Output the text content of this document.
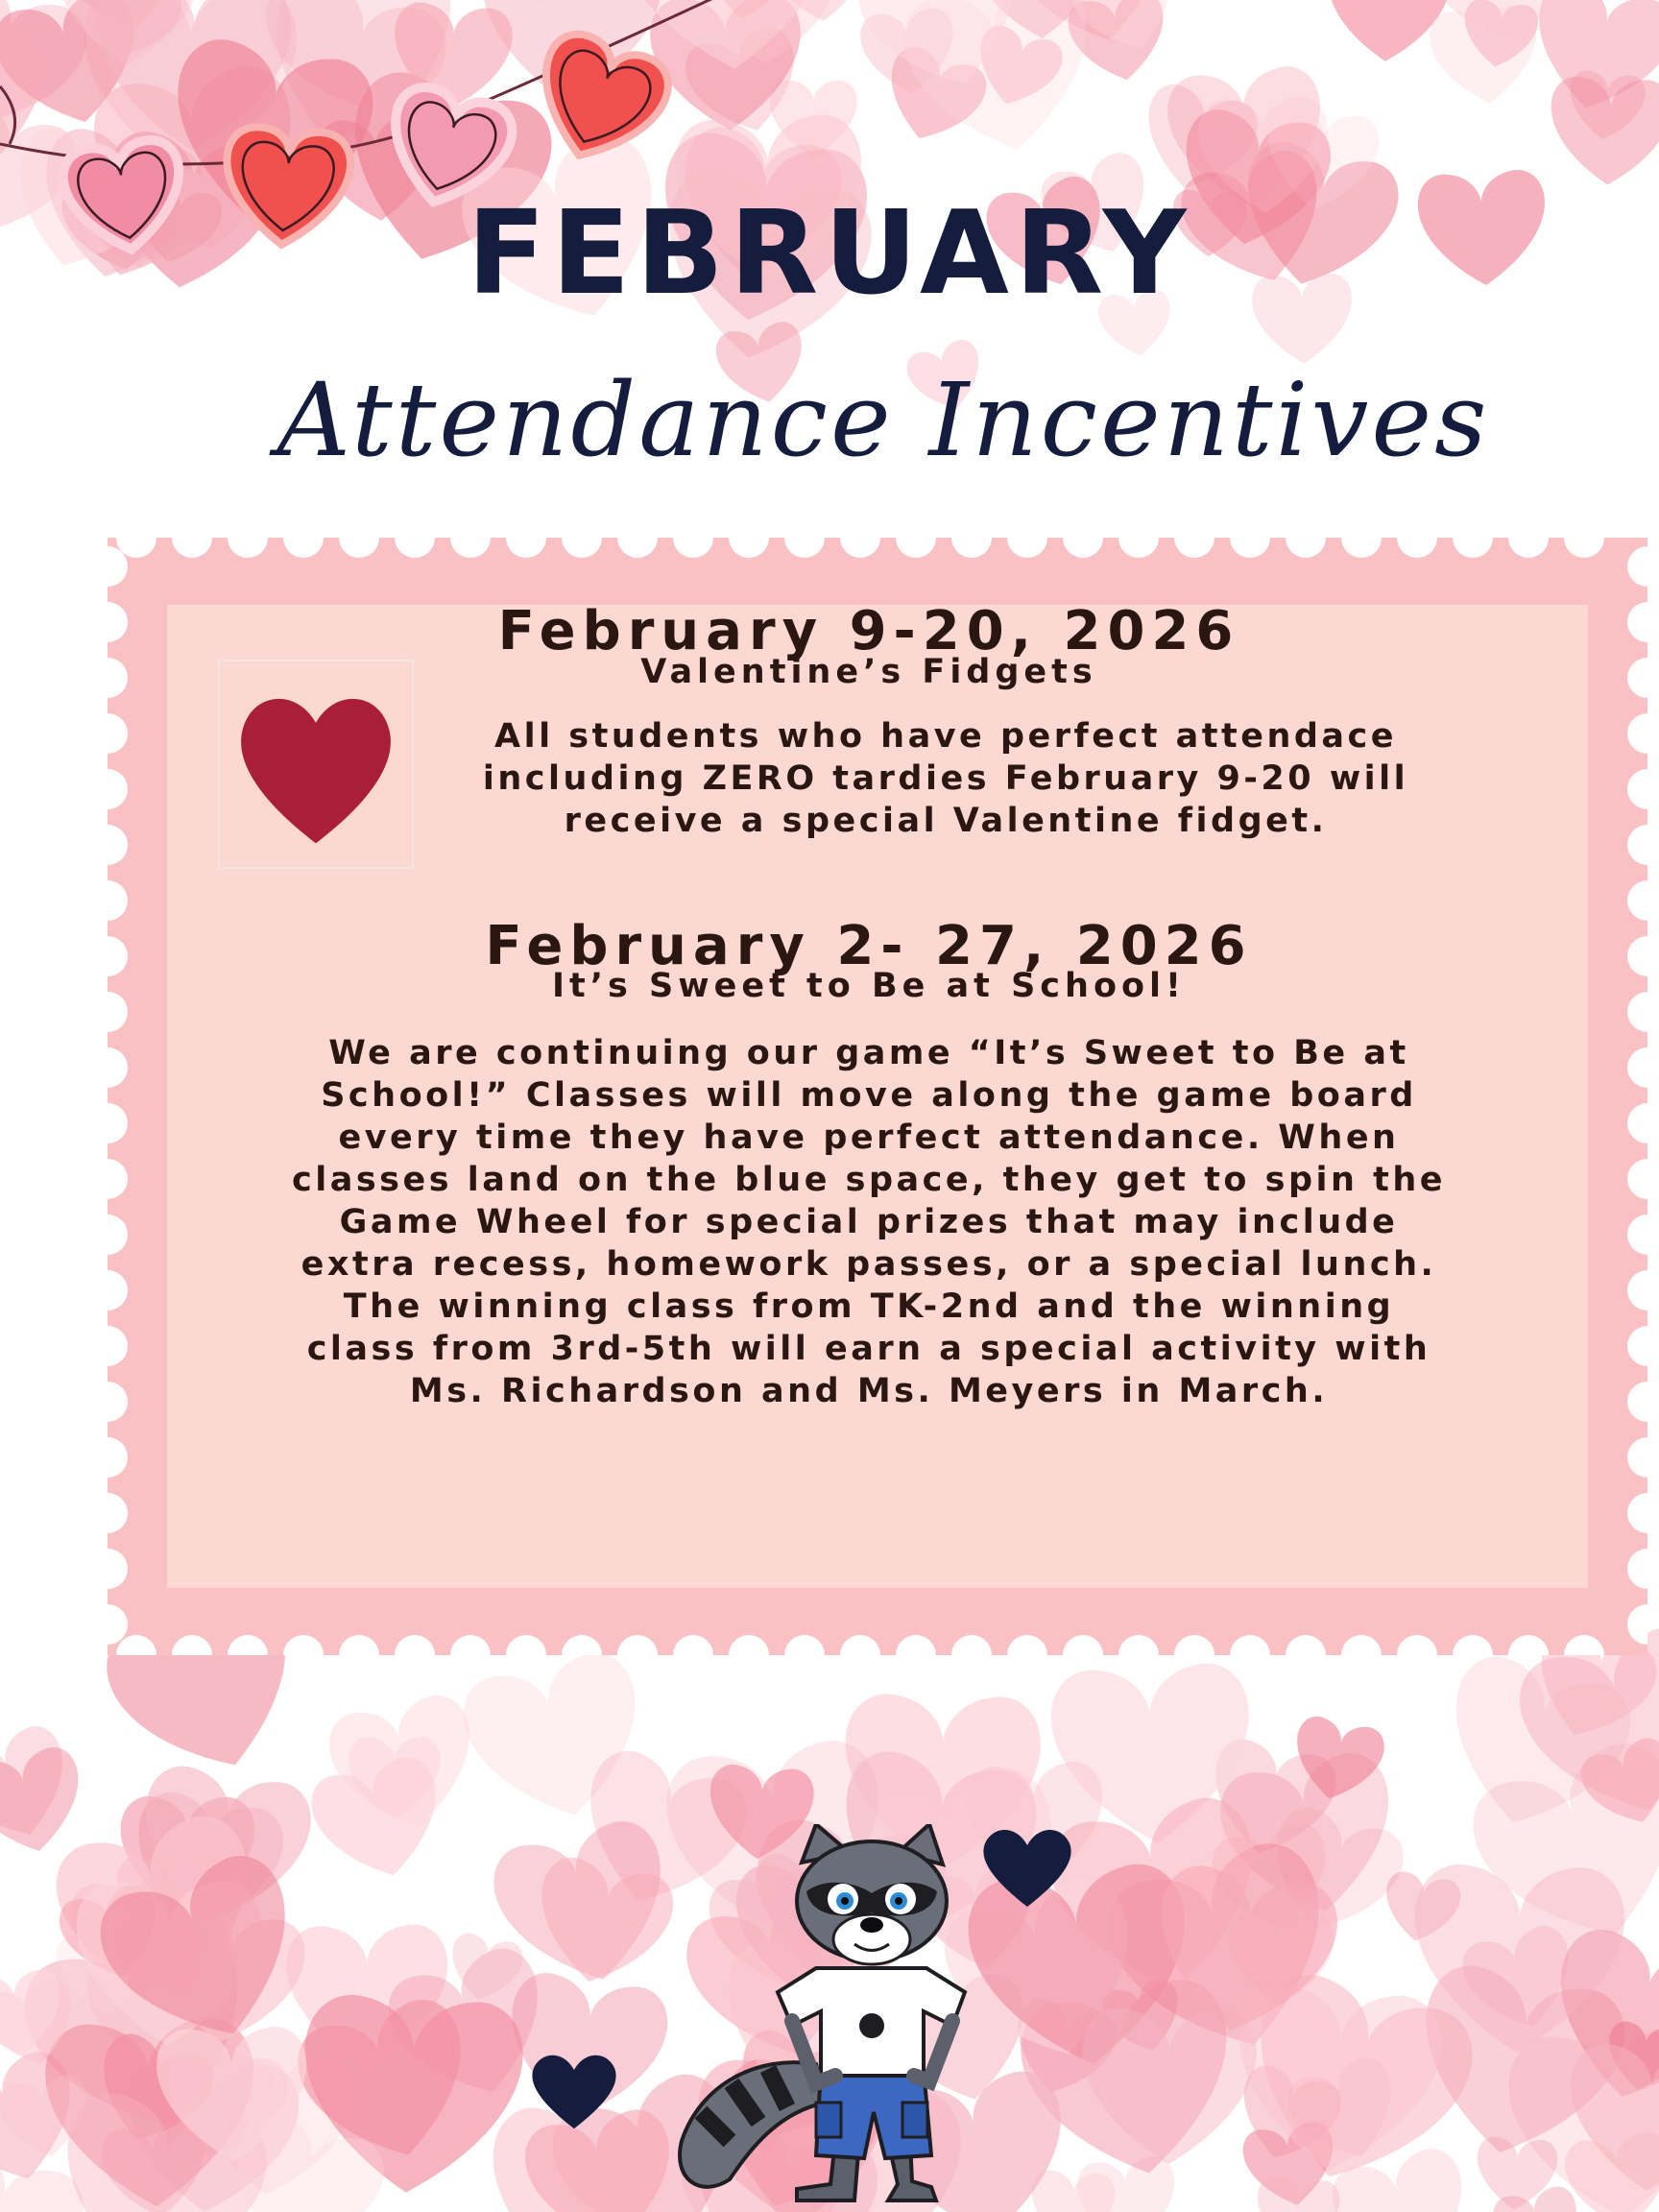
FEBRUARY
Attendance Incentives
February 9-20, 2026
Valentine’s Fidgets
All students who have perfect attendace
including ZERO tardies February 9-20 will
receive a special Valentine fidget.
February 2- 27, 2026
It’s Sweet to Be at School!
We are continuing our game “It’s Sweet to Be at
School!” Classes will move along the game board
every time they have perfect attendance. When
classes land on the blue space, they get to spin the
Game Wheel for special prizes that may include
extra recess, homework passes, or a special lunch.
The winning class from TK-2nd and the winning
class from 3rd-5th will earn a special activity with
Ms. Richardson and Ms. Meyers in March.
